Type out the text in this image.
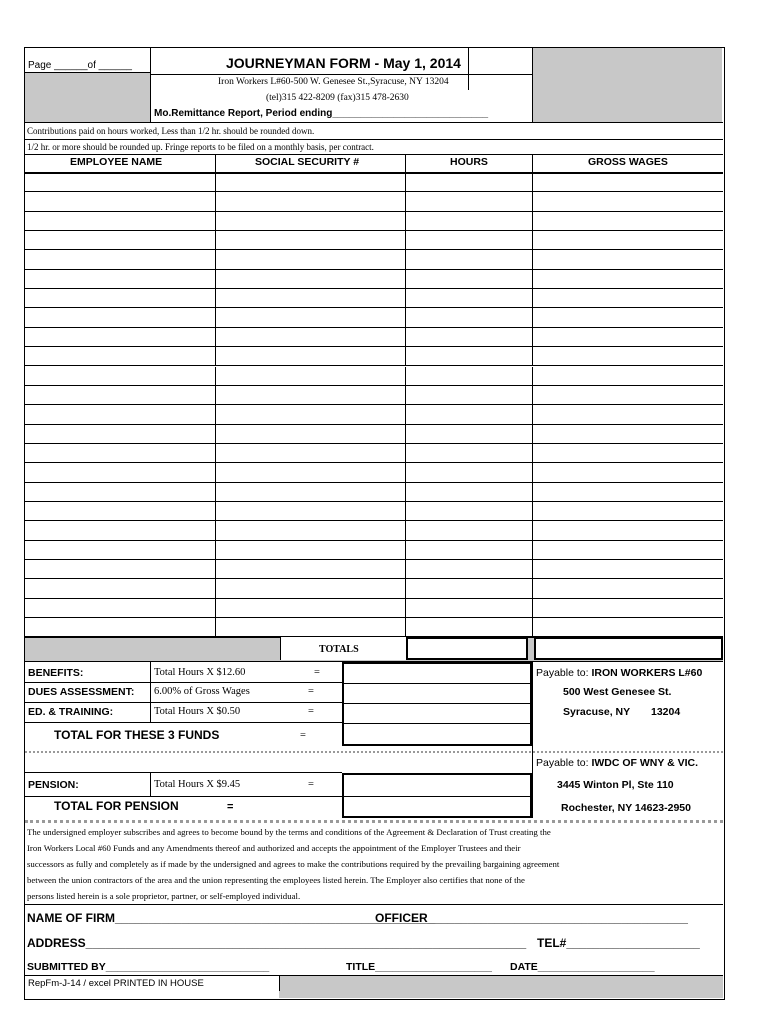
Page ______of ______	JOURNEYMAN FORM - May 1, 2014
Iron Workers L#60-500 W. Genesee St.,Syracuse, NY 13204
(tel)315 422-8209 (fax)315 478-2630
Mo.Remittance Report, Period ending____________________________
Contributions paid on hours worked, Less than 1/2 hr. should be rounded down.
1/2 hr. or more should be rounded up. Fringe reports to be filed on a monthly basis, per contract.
EMPLOYEE NAME	SOCIAL SECURITY #	HOURS	GROSS WAGES
TOTALS
BENEFITS:	Total Hours X $12.60	=
DUES ASSESSMENT: 6.00% of Gross Wages	=
ED. & TRAINING:	Total Hours X $0.50	=
TOTAL FOR THESE 3 FUNDS	=
Payable to: IRON WORKERS L#60
500 West Genesee St.
Syracuse, NY 13204
Payable to: IWDC OF WNY & VIC.
PENSION:	Total Hours X $9.45	=
TOTAL FOR PENSION	=
3445 Winton Pl, Ste 110
Rochester, NY 14623-2950
The undersigned employer subscribes and agrees to become bound by the terms and conditions of the Agreement & Declaration of Trust creating the
Iron Workers Local #60 Funds and any Amendments thereof and authorized and accepts the appointment of the Employer Trustees and their
successors as fully and completely as if made by the undersigned and agrees to make the contributions required by the prevailing bargaining agreement
between the union contractors of the area and the union representing the employees listed herein. The Employer also certifies that none of the
persons listed herein is a sole proprietor, partner, or self-employed individual.
NAME OF FIRM________________________________________________
OFFICER_______________________________________
ADDRESS__________________________________________________________________ TEL#____________________
SUBMITTED BY____________________________	TITLE____________________ DATE____________________
RepFm-J-14 / excel PRINTED IN HOUSE
